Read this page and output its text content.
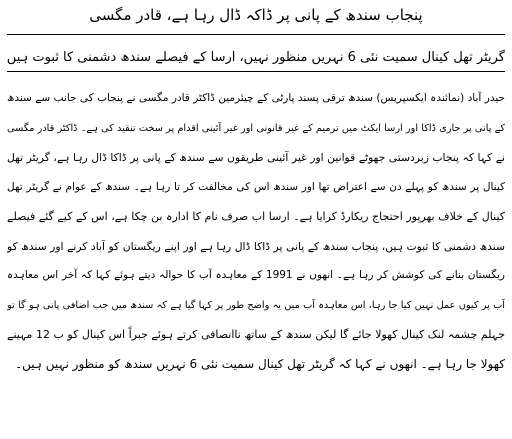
پنجاب سندھ کے پانی پر ڈاکہ ڈال رہا ہے، قادر مگسی
گریٹر تھل کینال سمیت نئی 6 نہریں منظور نہیں، ارسا کے فیصلے سندھ دشمنی کا ثبوت ہیں
حیدر آباد (نمائندہ ایکسپریس) سندھ ترقی پسند پارٹی کے چیئرمین ڈاکٹر قادر مگسی نے پنجاب کی جانب سے سندھ
کے پانی پر جاری ڈاکا اور ارسا ایکٹ میں ترمیم کے غیر قانونی اور غیر آئینی اقدام پر سخت تنقید کی ہے۔ ڈاکٹر قادر مگسی
نے کہا کہ پنجاب زبردستی جھوٹے قوانین اور غیر آئینی طریقوں سے سندھ کے پانی پر ڈاکا ڈال رہا ہے، گریٹر تھل
کینال پر سندھ کو پہلے دن سے اعتراض تھا اور سندھ اس کی مخالفت کر تا رہا ہے۔ سندھ کے عوام نے گریٹر تھل
کینال کے خلاف بھرپور احتجاج ریکارڈ کرایا ہے۔ ارسا اب صرف نام کا ادارہ بن چکا ہے، اس کے کیے گئے فیصلے
سندھ دشمنی کا ثبوت ہیں، پنجاب سندھ کے پانی پر ڈاکا ڈال رہا ہے اور اپنے ریگستان کو آباد کرنے اور سندھ کو
ریگستان بنانے کی کوشش کر رہا ہے۔ انھوں نے 1991 کے معاہدہ آب کا حوالہ دیتے ہوئے کہا کہ آخر اس معاہدہ
آب پر کیوں عمل نہیں کیا جا رہا، اس معاہدہ آب میں یہ واضح طور پر کہا گیا ہے کہ سندھ میں جب اضافی پانی ہو گا تو
جہلم چشمہ لنک کینال کھولا جائے گا لیکن سندھ کے ساتھ ناانصافی کرتے ہوئے جبراً اس کینال کو ب 12 مہینے
کھولا جا رہا ہے۔ انھوں نے کہا کہ گریٹر تھل کینال سمیت نئی 6 نہریں سندھ کو منظور نہیں ہیں۔
